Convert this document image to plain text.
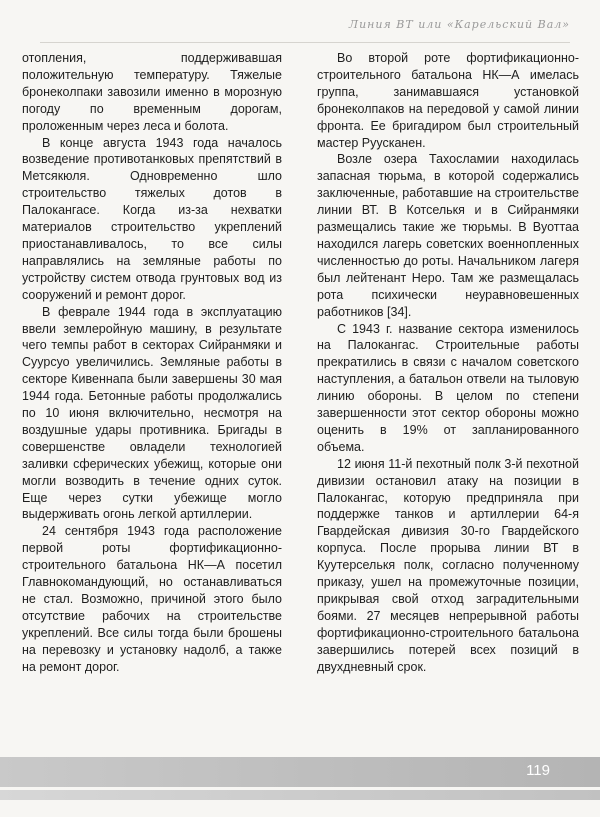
Линия ВТ или «Карельский Вал»

отопления, поддерживавшая положительную температуру. Тяжелые бронеколпаки завозили именно в морозную погоду по временным дорогам, проложенным через леса и болота.

В конце августа 1943 года началось возведение противотанковых препятствий в Метсякюля. Одновременно шло строительство тяжелых дотов в Палокангасе. Когда из-за нехватки материалов строительство укреплений приостанавливалось, то все силы направлялись на земляные работы по устройству систем отвода грунтовых вод из сооружений и ремонт дорог.

В феврале 1944 года в эксплуатацию ввели землеройную машину, в результате чего темпы работ в секторах Сийранмяки и Суурсуо увеличились. Земляные работы в секторе Кивеннапа были завершены 30 мая 1944 года. Бетонные работы продолжались по 10 июня включительно, несмотря на воздушные удары противника. Бригады в совершенстве овладели технологией заливки сферических убежищ, которые они могли возводить в течение одних суток. Еще через сутки убежище могло выдерживать огонь легкой артиллерии.

24 сентября 1943 года расположение первой роты фортификационно-строительного батальона НК—А посетил Главнокомандующий, но останавливаться не стал. Возможно, причиной этого было отсутствие рабочих на строительстве укреплений. Все силы тогда были брошены на перевозку и установку надолб, а также на ремонт дорог.

Во второй роте фортификационно-строительного батальона НК—А имелась группа, занимавшаяся установкой бронеколпаков на передовой у самой линии фронта. Ее бригадиром был строительный мастер Руусканен.

Возле озера Тахосламии находилась запасная тюрьма, в которой содержались заключенные, работавшие на строительстве линии ВТ. В Котселькя и в Сийранмяки размещались такие же тюрьмы. В Вуоттаа находился лагерь советских военнопленных численностью до роты. Начальником лагеря был лейтенант Неро. Там же размещалась рота психически неуравновешенных работников [34].

С 1943 г. название сектора изменилось на Палокангас. Строительные работы прекратились в связи с началом советского наступления, а батальон отвели на тыловую линию обороны. В целом по степени завершенности этот сектор обороны можно оценить в 19% от запланированного объема.

12 июня 11-й пехотный полк 3-й пехотной дивизии остановил атаку на позиции в Палокангас, которую предприняла при поддержке танков и артиллерии 64-я Гвардейская дивизия 30-го Гвардейского корпуса. После прорыва линии ВТ в Куутерселькя полк, согласно полученному приказу, ушел на промежуточные позиции, прикрывая свой отход заградительными боями. 27 месяцев непрерывной работы фортификационно-строительного батальона завершились потерей всех позиций в двухдневный срок.

119
